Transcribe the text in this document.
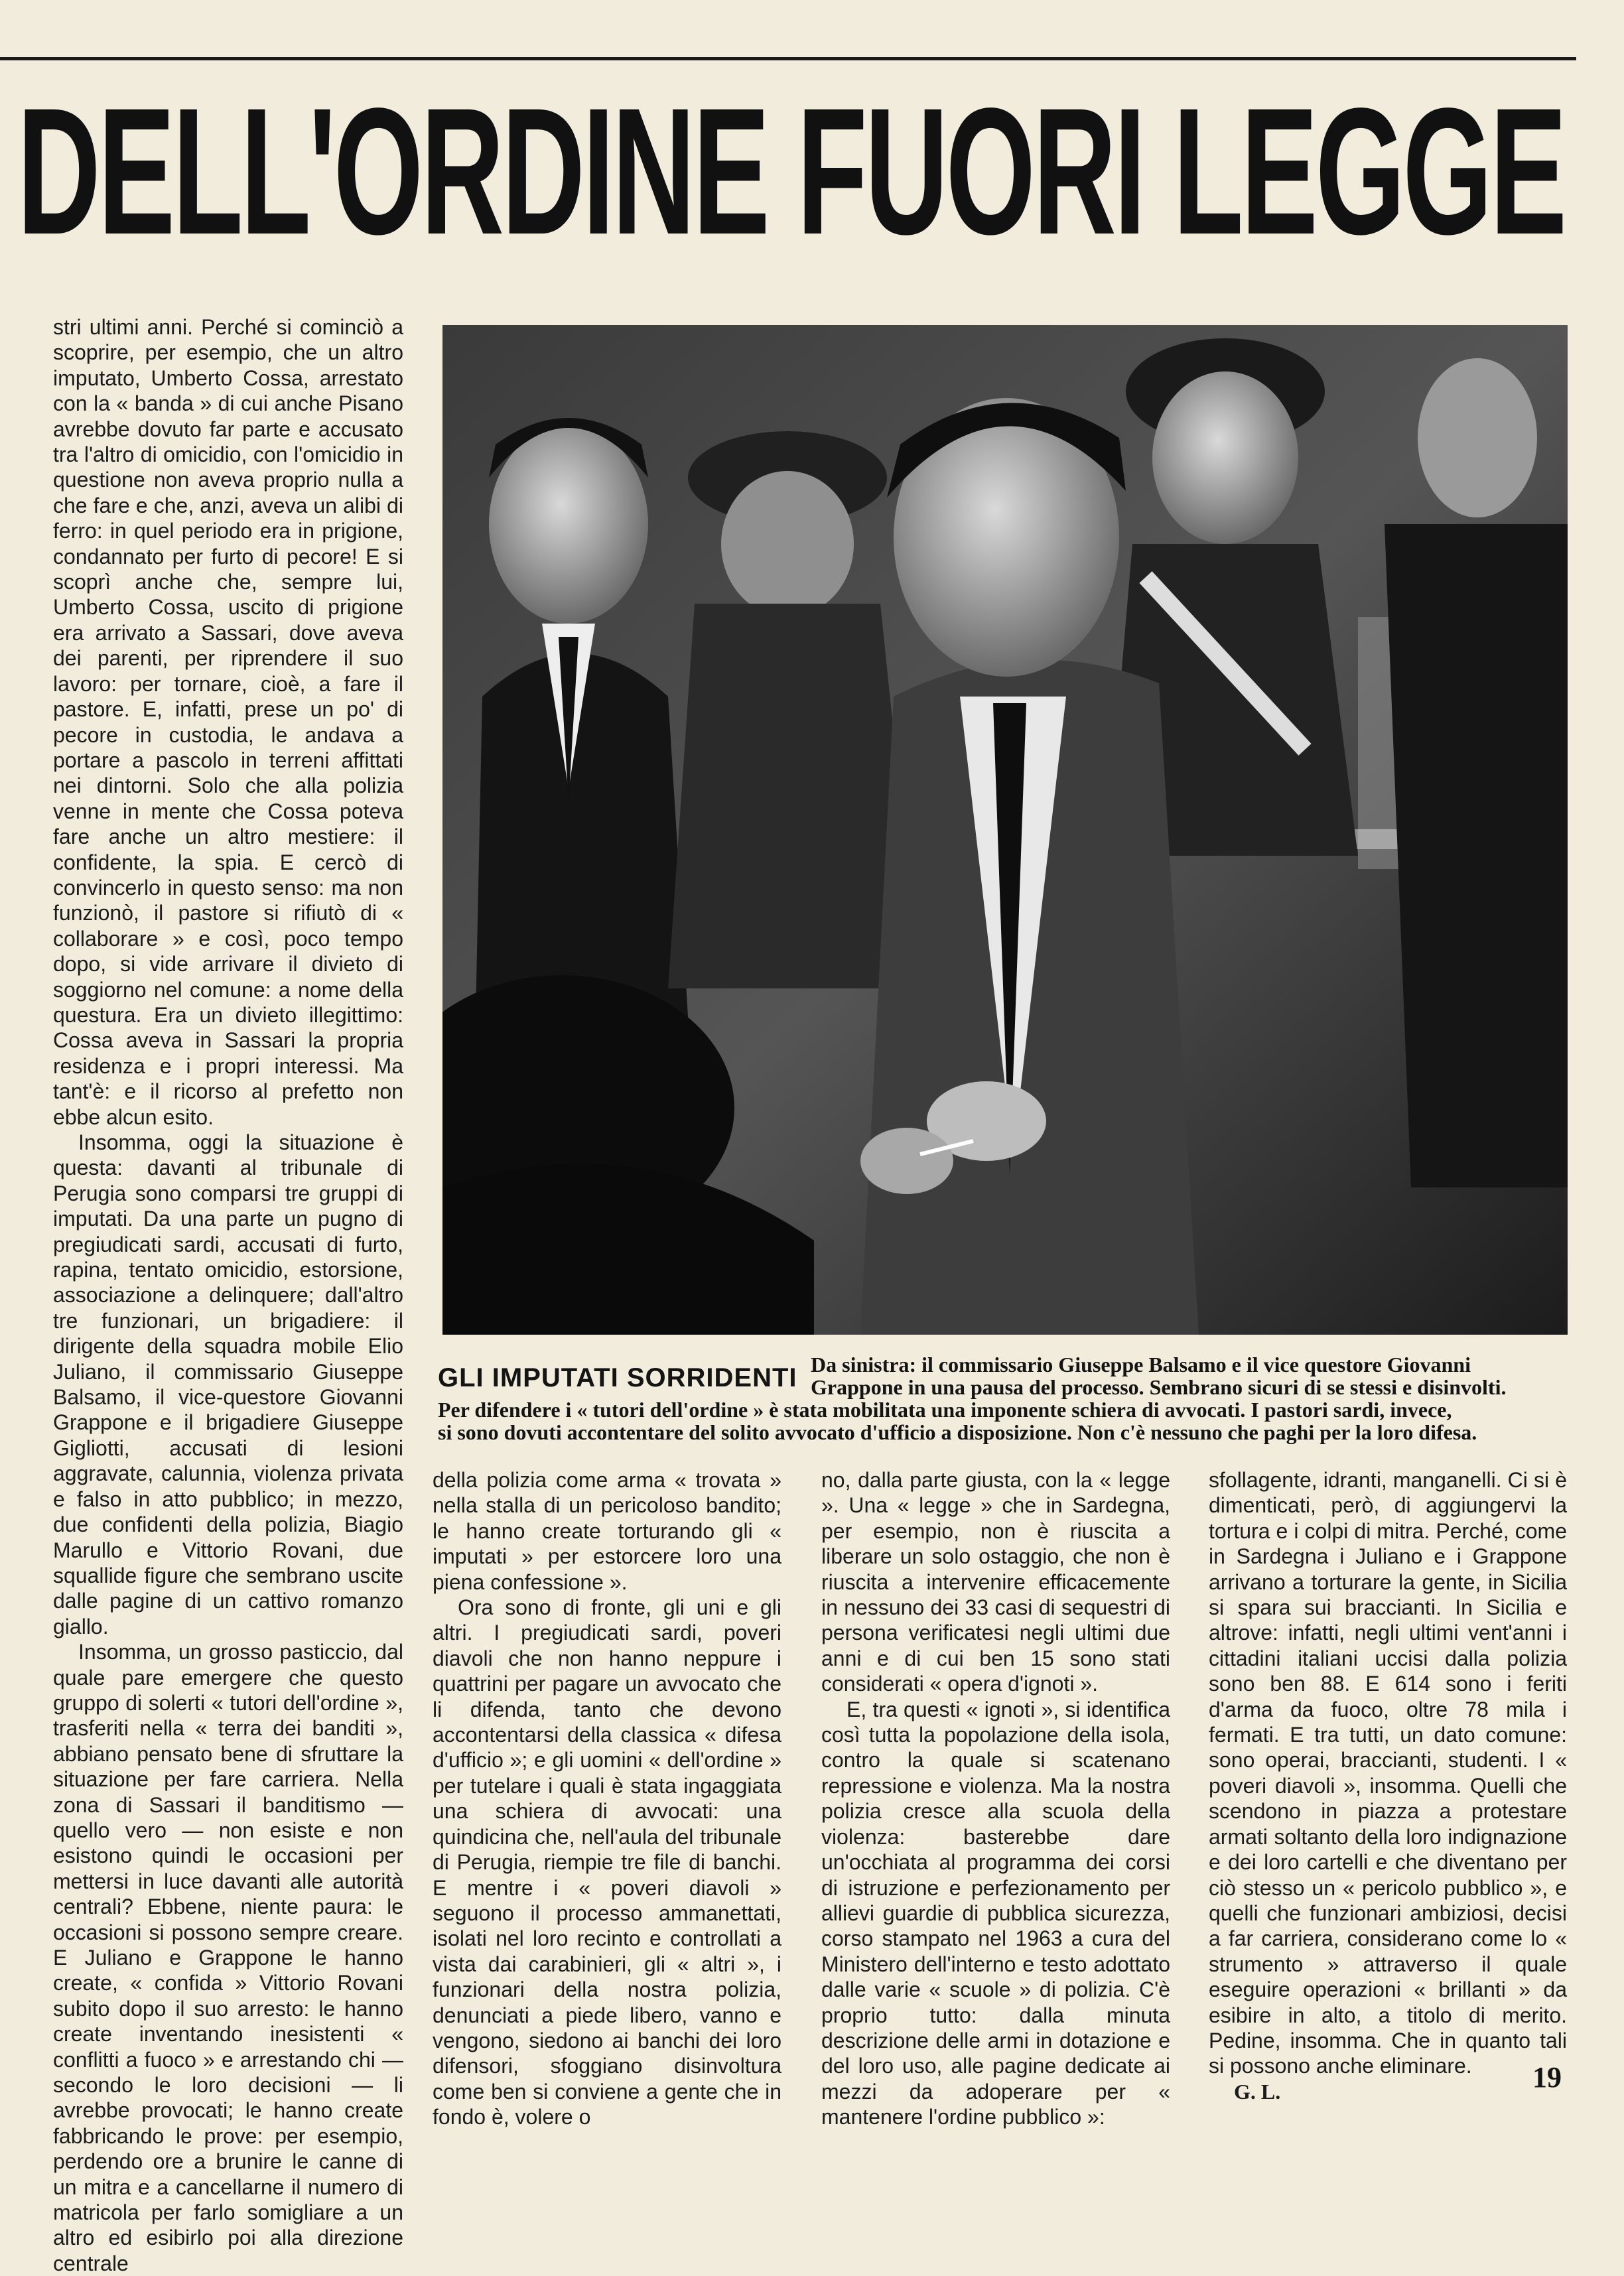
DELL'ORDINE FUORI LEGGE

stri ultimi anni. Perché si cominciò a scoprire, per esempio, che un altro imputato, Umberto Cossa, arrestato con la « banda » di cui anche Pisano avrebbe dovuto far parte e accusato tra l'altro di omicidio, con l'omicidio in questione non aveva proprio nulla a che fare e che, anzi, aveva un alibi di ferro: in quel periodo era in prigione, condannato per furto di pecore! E si scoprì anche che, sempre lui, Umberto Cossa, uscito di prigione era arrivato a Sassari, dove aveva dei parenti, per riprendere il suo lavoro: per tornare, cioè, a fare il pastore. E, infatti, prese un po' di pecore in custodia, le andava a portare a pascolo in terreni affittati nei dintorni. Solo che alla polizia venne in mente che Cossa poteva fare anche un altro mestiere: il confidente, la spia. E cercò di convincerlo in questo senso: ma non funzionò, il pastore si rifiutò di « collaborare » e così, poco tempo dopo, si vide arrivare il divieto di soggiorno nel comune: a nome della questura. Era un divieto illegittimo: Cossa aveva in Sassari la propria residenza e i propri interessi. Ma tant'è: e il ricorso al prefetto non ebbe alcun esito.

Insomma, oggi la situazione è questa: davanti al tribunale di Perugia sono comparsi tre gruppi di imputati. Da una parte un pugno di pregiudicati sardi, accusati di furto, rapina, tentato omicidio, estorsione, associazione a delinquere; dall'altro tre funzionari, un brigadiere: il dirigente della squadra mobile Elio Juliano, il commissario Giuseppe Balsamo, il vice-questore Giovanni Grappone e il brigadiere Giuseppe Gigliotti, accusati di lesioni aggravate, calunnia, violenza privata e falso in atto pubblico; in mezzo, due confidenti della polizia, Biagio Marullo e Vittorio Rovani, due squallide figure che sembrano uscite dalle pagine di un cattivo romanzo giallo.

Insomma, un grosso pasticcio, dal quale pare emergere che questo gruppo di solerti « tutori dell'ordine », trasferiti nella « terra dei banditi », abbiano pensato bene di sfruttare la situazione per fare carriera. Nella zona di Sassari il banditismo — quello vero — non esiste e non esistono quindi le occasioni per mettersi in luce davanti alle autorità centrali? Ebbene, niente paura: le occasioni si possono sempre creare. E Juliano e Grappone le hanno create, « confida » Vittorio Rovani subito dopo il suo arresto: le hanno create inventando inesistenti « conflitti a fuoco » e arrestando chi — secondo le loro decisioni — li avrebbe provocati; le hanno create fabbricando le prove: per esempio, perdendo ore a brunire le canne di un mitra e a cancellarne il numero di matricola per farlo somigliare a un altro ed esibirlo poi alla direzione centrale

GLI IMPUTATI SORRIDENTI Da sinistra: il commissario Giuseppe Balsamo e il vice questore Giovanni
Grappone in una pausa del processo. Sembrano sicuri di se stessi e disinvolti.
Per difendere i « tutori dell'ordine » è stata mobilitata una imponente schiera di avvocati. I pastori sardi, invece,
si sono dovuti accontentare del solito avvocato d'ufficio a disposizione. Non c'è nessuno che paghi per la loro difesa.

della polizia come arma « trovata » nella stalla di un pericoloso bandito; le hanno create torturando gli « imputati » per estorcere loro una piena confessione ».

Ora sono di fronte, gli uni e gli altri. I pregiudicati sardi, poveri diavoli che non hanno neppure i quattrini per pagare un avvocato che li difenda, tanto che devono accontentarsi della classica « difesa d'ufficio »; e gli uomini « dell'ordine » per tutelare i quali è stata ingaggiata una schiera di avvocati: una quindicina che, nell'aula del tribunale di Perugia, riempie tre file di banchi. E mentre i « poveri diavoli » seguono il processo ammanettati, isolati nel loro recinto e controllati a vista dai carabinieri, gli « altri », i funzionari della nostra polizia, denunciati a piede libero, vanno e vengono, siedono ai banchi dei loro difensori, sfoggiano disinvoltura come ben si conviene a gente che in fondo è, volere o

no, dalla parte giusta, con la « legge ». Una « legge » che in Sardegna, per esempio, non è riuscita a liberare un solo ostaggio, che non è riuscita a intervenire efficacemente in nessuno dei 33 casi di sequestri di persona verificatesi negli ultimi due anni e di cui ben 15 sono stati considerati « opera d'ignoti ».

E, tra questi « ignoti », si identifica così tutta la popolazione della isola, contro la quale si scatenano repressione e violenza. Ma la nostra polizia cresce alla scuola della violenza: basterebbe dare un'occhiata al programma dei corsi di istruzione e perfezionamento per allievi guardie di pubblica sicurezza, corso stampato nel 1963 a cura del Ministero dell'interno e testo adottato dalle varie « scuole » di polizia. C'è proprio tutto: dalla minuta descrizione delle armi in dotazione e del loro uso, alle pagine dedicate ai mezzi da adoperare per « mantenere l'ordine pubblico »:

sfollagente, idranti, manganelli. Ci si è dimenticati, però, di aggiungervi la tortura e i colpi di mitra. Perché, come in Sardegna i Juliano e i Grappone arrivano a torturare la gente, in Sicilia si spara sui braccianti. In Sicilia e altrove: infatti, negli ultimi vent'anni i cittadini italiani uccisi dalla polizia sono ben 88. E 614 sono i feriti d'arma da fuoco, oltre 78 mila i fermati. E tra tutti, un dato comune: sono operai, braccianti, studenti. I « poveri diavoli », insomma. Quelli che scendono in piazza a protestare armati soltanto della loro indignazione e dei loro cartelli e che diventano per ciò stesso un « pericolo pubblico », e quelli che funzionari ambiziosi, decisi a far carriera, considerano come lo « strumento » attraverso il quale eseguire operazioni « brillanti » da esibire in alto, a titolo di merito. Pedine, insomma. Che in quanto tali si possono anche eliminare.

G. L.	19
